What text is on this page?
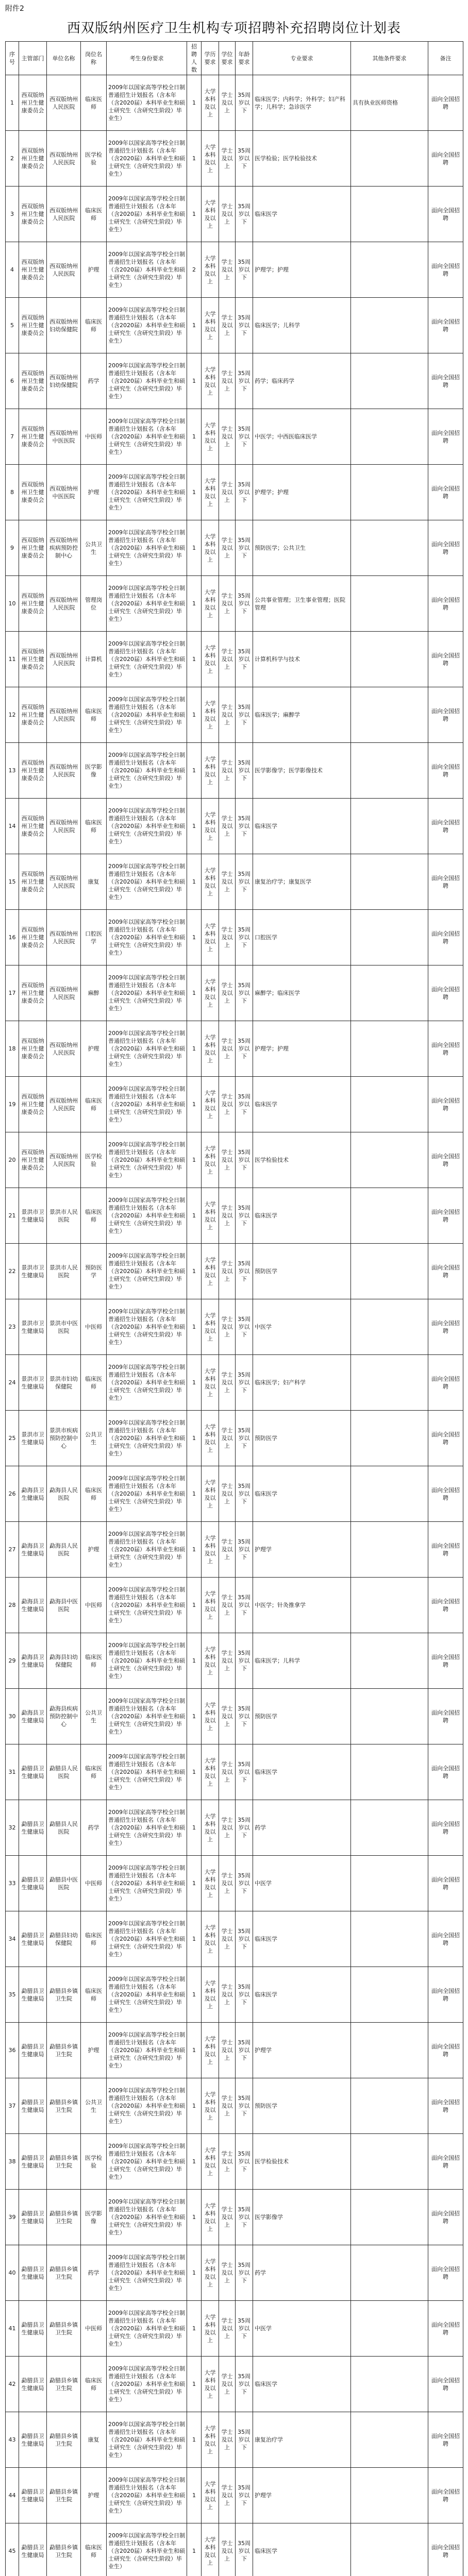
附件2
西双版纳州医疗卫生机构专项招聘补充招聘岗位计划表
序号	主管部门	单位名称	岗位名称	考生身份要求	招聘人数	学历要求	学位要求	年龄要求	专业要求	其他条件要求	备注
1	西双版纳州卫生健康委员会	西双版纳州人民医院	临床医师	2009年以国家高等学校全日制普通招生计划报名（含本年（含2020届）本科毕业生和硕士研究生（含研究生阶段）毕业生）	1	大学本科及以上	学士及以上	35周岁以下	临床医学；内科学；外科学；妇产科学；儿科学；急诊医学	具有执业医师资格	面向全国招聘
2	西双版纳州卫生健康委员会	西双版纳州人民医院	医学检验	2009年以国家高等学校全日制普通招生计划报名（含本年（含2020届）本科毕业生和硕士研究生（含研究生阶段）毕业生）	1	大学本科及以上	学士及以上	35周岁以下	医学检验；医学检验技术		面向全国招聘
3	西双版纳州卫生健康委员会	西双版纳州人民医院	临床医师	2009年以国家高等学校全日制普通招生计划报名（含本年（含2020届）本科毕业生和硕士研究生（含研究生阶段）毕业生）	1	大学本科及以上	学士及以上	35周岁以下	临床医学		面向全国招聘
4	西双版纳州卫生健康委员会	西双版纳州人民医院	护理	2009年以国家高等学校全日制普通招生计划报名（含本年（含2020届）本科毕业生和硕士研究生（含研究生阶段）毕业生）	2	大学本科及以上	学士及以上	35周岁以下	护理学；护理		面向全国招聘
5	西双版纳州卫生健康委员会	西双版纳州妇幼保健院	临床医师	2009年以国家高等学校全日制普通招生计划报名（含本年（含2020届）本科毕业生和硕士研究生（含研究生阶段）毕业生）	1	大学本科及以上	学士及以上	35周岁以下	临床医学；儿科学		面向全国招聘
6	西双版纳州卫生健康委员会	西双版纳州妇幼保健院	药学	2009年以国家高等学校全日制普通招生计划报名（含本年（含2020届）本科毕业生和硕士研究生（含研究生阶段）毕业生）	1	大学本科及以上	学士及以上	35周岁以下	药学；临床药学		面向全国招聘
7	西双版纳州卫生健康委员会	西双版纳州中医医院	中医师	2009年以国家高等学校全日制普通招生计划报名（含本年（含2020届）本科毕业生和硕士研究生（含研究生阶段）毕业生）	1	大学本科及以上	学士及以上	35周岁以下	中医学；中西医临床医学		面向全国招聘
8	西双版纳州卫生健康委员会	西双版纳州中医医院	护理	2009年以国家高等学校全日制普通招生计划报名（含本年（含2020届）本科毕业生和硕士研究生（含研究生阶段）毕业生）	1	大学本科及以上	学士及以上	35周岁以下	护理学；护理		面向全国招聘
9	西双版纳州卫生健康委员会	西双版纳州疾病预防控制中心	公共卫生	2009年以国家高等学校全日制普通招生计划报名（含本年（含2020届）本科毕业生和硕士研究生（含研究生阶段）毕业生）	1	大学本科及以上	学士及以上	35周岁以下	预防医学；公共卫生		面向全国招聘
10	西双版纳州卫生健康委员会	西双版纳州人民医院	管理岗位	2009年以国家高等学校全日制普通招生计划报名（含本年（含2020届）本科毕业生和硕士研究生（含研究生阶段）毕业生）	1	大学本科及以上	学士及以上	35周岁以下	公共事业管理；卫生事业管理；医院管理		面向全国招聘
11	西双版纳州卫生健康委员会	西双版纳州人民医院	计算机	2009年以国家高等学校全日制普通招生计划报名（含本年（含2020届）本科毕业生和硕士研究生（含研究生阶段）毕业生）	1	大学本科及以上	学士及以上	35周岁以下	计算机科学与技术		面向全国招聘
12	西双版纳州卫生健康委员会	西双版纳州人民医院	临床医师	2009年以国家高等学校全日制普通招生计划报名（含本年（含2020届）本科毕业生和硕士研究生（含研究生阶段）毕业生）	1	大学本科及以上	学士及以上	35周岁以下	临床医学；麻醉学		面向全国招聘
13	西双版纳州卫生健康委员会	西双版纳州人民医院	医学影像	2009年以国家高等学校全日制普通招生计划报名（含本年（含2020届）本科毕业生和硕士研究生（含研究生阶段）毕业生）	1	大学本科及以上	学士及以上	35周岁以下	医学影像学；医学影像技术		面向全国招聘
14	西双版纳州卫生健康委员会	西双版纳州人民医院	临床医师	2009年以国家高等学校全日制普通招生计划报名（含本年（含2020届）本科毕业生和硕士研究生（含研究生阶段）毕业生）	1	大学本科及以上	学士及以上	35周岁以下	临床医学		面向全国招聘
15	西双版纳州卫生健康委员会	西双版纳州人民医院	康复	2009年以国家高等学校全日制普通招生计划报名（含本年（含2020届）本科毕业生和硕士研究生（含研究生阶段）毕业生）	1	大学本科及以上	学士及以上	35周岁以下	康复治疗学；康复医学		面向全国招聘
16	西双版纳州卫生健康委员会	西双版纳州人民医院	口腔医学	2009年以国家高等学校全日制普通招生计划报名（含本年（含2020届）本科毕业生和硕士研究生（含研究生阶段）毕业生）	1	大学本科及以上	学士及以上	35周岁以下	口腔医学		面向全国招聘
17	西双版纳州卫生健康委员会	西双版纳州人民医院	麻醉	2009年以国家高等学校全日制普通招生计划报名（含本年（含2020届）本科毕业生和硕士研究生（含研究生阶段）毕业生）	1	大学本科及以上	学士及以上	35周岁以下	麻醉学；临床医学		面向全国招聘
18	西双版纳州卫生健康委员会	西双版纳州人民医院	护理	2009年以国家高等学校全日制普通招生计划报名（含本年（含2020届）本科毕业生和硕士研究生（含研究生阶段）毕业生）	1	大学本科及以上	学士及以上	35周岁以下	护理学；护理		面向全国招聘
19	西双版纳州卫生健康委员会	西双版纳州人民医院	临床医师	2009年以国家高等学校全日制普通招生计划报名（含本年（含2020届）本科毕业生和硕士研究生（含研究生阶段）毕业生）	1	大学本科及以上	学士及以上	35周岁以下	临床医学		面向全国招聘
20	西双版纳州卫生健康委员会	西双版纳州人民医院	医学检验	2009年以国家高等学校全日制普通招生计划报名（含本年（含2020届）本科毕业生和硕士研究生（含研究生阶段）毕业生）	1	大学本科及以上	学士及以上	35周岁以下	医学检验技术		面向全国招聘
21	景洪市卫生健康局	景洪市人民医院	临床医师	2009年以国家高等学校全日制普通招生计划报名（含本年（含2020届）本科毕业生和硕士研究生（含研究生阶段）毕业生）	1	大学本科及以上	学士及以上	35周岁以下	临床医学		面向全国招聘
22	景洪市卫生健康局	景洪市人民医院	预防医学	2009年以国家高等学校全日制普通招生计划报名（含本年（含2020届）本科毕业生和硕士研究生（含研究生阶段）毕业生）	1	大学本科及以上	学士及以上	35周岁以下	预防医学		面向全国招聘
23	景洪市卫生健康局	景洪市中医医院	中医师	2009年以国家高等学校全日制普通招生计划报名（含本年（含2020届）本科毕业生和硕士研究生（含研究生阶段）毕业生）	1	大学本科及以上	学士及以上	35周岁以下	中医学		面向全国招聘
24	景洪市卫生健康局	景洪市妇幼保健院	临床医师	2009年以国家高等学校全日制普通招生计划报名（含本年（含2020届）本科毕业生和硕士研究生（含研究生阶段）毕业生）	1	大学本科及以上	学士及以上	35周岁以下	临床医学；妇产科学		面向全国招聘
25	景洪市卫生健康局	景洪市疾病预防控制中心	公共卫生	2009年以国家高等学校全日制普通招生计划报名（含本年（含2020届）本科毕业生和硕士研究生（含研究生阶段）毕业生）	1	大学本科及以上	学士及以上	35周岁以下	预防医学		面向全国招聘
26	勐海县卫生健康局	勐海县人民医院	临床医师	2009年以国家高等学校全日制普通招生计划报名（含本年（含2020届）本科毕业生和硕士研究生（含研究生阶段）毕业生）	1	大学本科及以上	学士及以上	35周岁以下	临床医学		面向全国招聘
27	勐海县卫生健康局	勐海县人民医院	护理	2009年以国家高等学校全日制普通招生计划报名（含本年（含2020届）本科毕业生和硕士研究生（含研究生阶段）毕业生）	1	大学本科及以上	学士及以上	35周岁以下	护理学		面向全国招聘
28	勐海县卫生健康局	勐海县中医医院	中医师	2009年以国家高等学校全日制普通招生计划报名（含本年（含2020届）本科毕业生和硕士研究生（含研究生阶段）毕业生）	1	大学本科及以上	学士及以上	35周岁以下	中医学；针灸推拿学		面向全国招聘
29	勐海县卫生健康局	勐海县妇幼保健院	临床医师	2009年以国家高等学校全日制普通招生计划报名（含本年（含2020届）本科毕业生和硕士研究生（含研究生阶段）毕业生）	1	大学本科及以上	学士及以上	35周岁以下	临床医学；儿科学		面向全国招聘
30	勐海县卫生健康局	勐海县疾病预防控制中心	公共卫生	2009年以国家高等学校全日制普通招生计划报名（含本年（含2020届）本科毕业生和硕士研究生（含研究生阶段）毕业生）	1	大学本科及以上	学士及以上	35周岁以下	预防医学		面向全国招聘
31	勐腊县卫生健康局	勐腊县人民医院	临床医师	2009年以国家高等学校全日制普通招生计划报名（含本年（含2020届）本科毕业生和硕士研究生（含研究生阶段）毕业生）	1	大学本科及以上	学士及以上	35周岁以下	临床医学		面向全国招聘
32	勐腊县卫生健康局	勐腊县人民医院	药学	2009年以国家高等学校全日制普通招生计划报名（含本年（含2020届）本科毕业生和硕士研究生（含研究生阶段）毕业生）	1	大学本科及以上	学士及以上	35周岁以下	药学		面向全国招聘
33	勐腊县卫生健康局	勐腊县中医医院	中医师	2009年以国家高等学校全日制普通招生计划报名（含本年（含2020届）本科毕业生和硕士研究生（含研究生阶段）毕业生）	1	大学本科及以上	学士及以上	35周岁以下	中医学		面向全国招聘
34	勐腊县卫生健康局	勐腊县妇幼保健院	临床医师	2009年以国家高等学校全日制普通招生计划报名（含本年（含2020届）本科毕业生和硕士研究生（含研究生阶段）毕业生）	1	大学本科及以上	学士及以上	35周岁以下	临床医学		面向全国招聘
35	勐腊县卫生健康局	勐腊县乡镇卫生院	临床医师	2009年以国家高等学校全日制普通招生计划报名（含本年（含2020届）本科毕业生和硕士研究生（含研究生阶段）毕业生）	1	大学本科及以上	学士及以上	35周岁以下	临床医学		面向全国招聘
36	勐腊县卫生健康局	勐腊县乡镇卫生院	护理	2009年以国家高等学校全日制普通招生计划报名（含本年（含2020届）本科毕业生和硕士研究生（含研究生阶段）毕业生）	1	大学本科及以上	学士及以上	35周岁以下	护理学		面向全国招聘
37	勐腊县卫生健康局	勐腊县乡镇卫生院	公共卫生	2009年以国家高等学校全日制普通招生计划报名（含本年（含2020届）本科毕业生和硕士研究生（含研究生阶段）毕业生）	1	大学本科及以上	学士及以上	35周岁以下	预防医学		面向全国招聘
38	勐腊县卫生健康局	勐腊县乡镇卫生院	医学检验	2009年以国家高等学校全日制普通招生计划报名（含本年（含2020届）本科毕业生和硕士研究生（含研究生阶段）毕业生）	1	大学本科及以上	学士及以上	35周岁以下	医学检验技术		面向全国招聘
39	勐腊县卫生健康局	勐腊县乡镇卫生院	医学影像	2009年以国家高等学校全日制普通招生计划报名（含本年（含2020届）本科毕业生和硕士研究生（含研究生阶段）毕业生）	1	大学本科及以上	学士及以上	35周岁以下	医学影像学		面向全国招聘
40	勐腊县卫生健康局	勐腊县乡镇卫生院	药学	2009年以国家高等学校全日制普通招生计划报名（含本年（含2020届）本科毕业生和硕士研究生（含研究生阶段）毕业生）	1	大学本科及以上	学士及以上	35周岁以下	药学		面向全国招聘
41	勐腊县卫生健康局	勐腊县乡镇卫生院	中医师	2009年以国家高等学校全日制普通招生计划报名（含本年（含2020届）本科毕业生和硕士研究生（含研究生阶段）毕业生）	1	大学本科及以上	学士及以上	35周岁以下	中医学		面向全国招聘
42	勐腊县卫生健康局	勐腊县乡镇卫生院	临床医师	2009年以国家高等学校全日制普通招生计划报名（含本年（含2020届）本科毕业生和硕士研究生（含研究生阶段）毕业生）	1	大学本科及以上	学士及以上	35周岁以下	临床医学		面向全国招聘
43	勐腊县卫生健康局	勐腊县乡镇卫生院	康复	2009年以国家高等学校全日制普通招生计划报名（含本年（含2020届）本科毕业生和硕士研究生（含研究生阶段）毕业生）	1	大学本科及以上	学士及以上	35周岁以下	康复治疗学		面向全国招聘
44	勐腊县卫生健康局	勐腊县乡镇卫生院	护理	2009年以国家高等学校全日制普通招生计划报名（含本年（含2020届）本科毕业生和硕士研究生（含研究生阶段）毕业生）	1	大学本科及以上	学士及以上	35周岁以下	护理学		面向全国招聘
45	勐腊县卫生健康局	勐腊县乡镇卫生院	临床医师	2009年以国家高等学校全日制普通招生计划报名（含本年（含2020届）本科毕业生和硕士研究生（含研究生阶段）毕业生）	1	大学本科及以上	学士及以上	35周岁以下	临床医学		面向全国招聘
